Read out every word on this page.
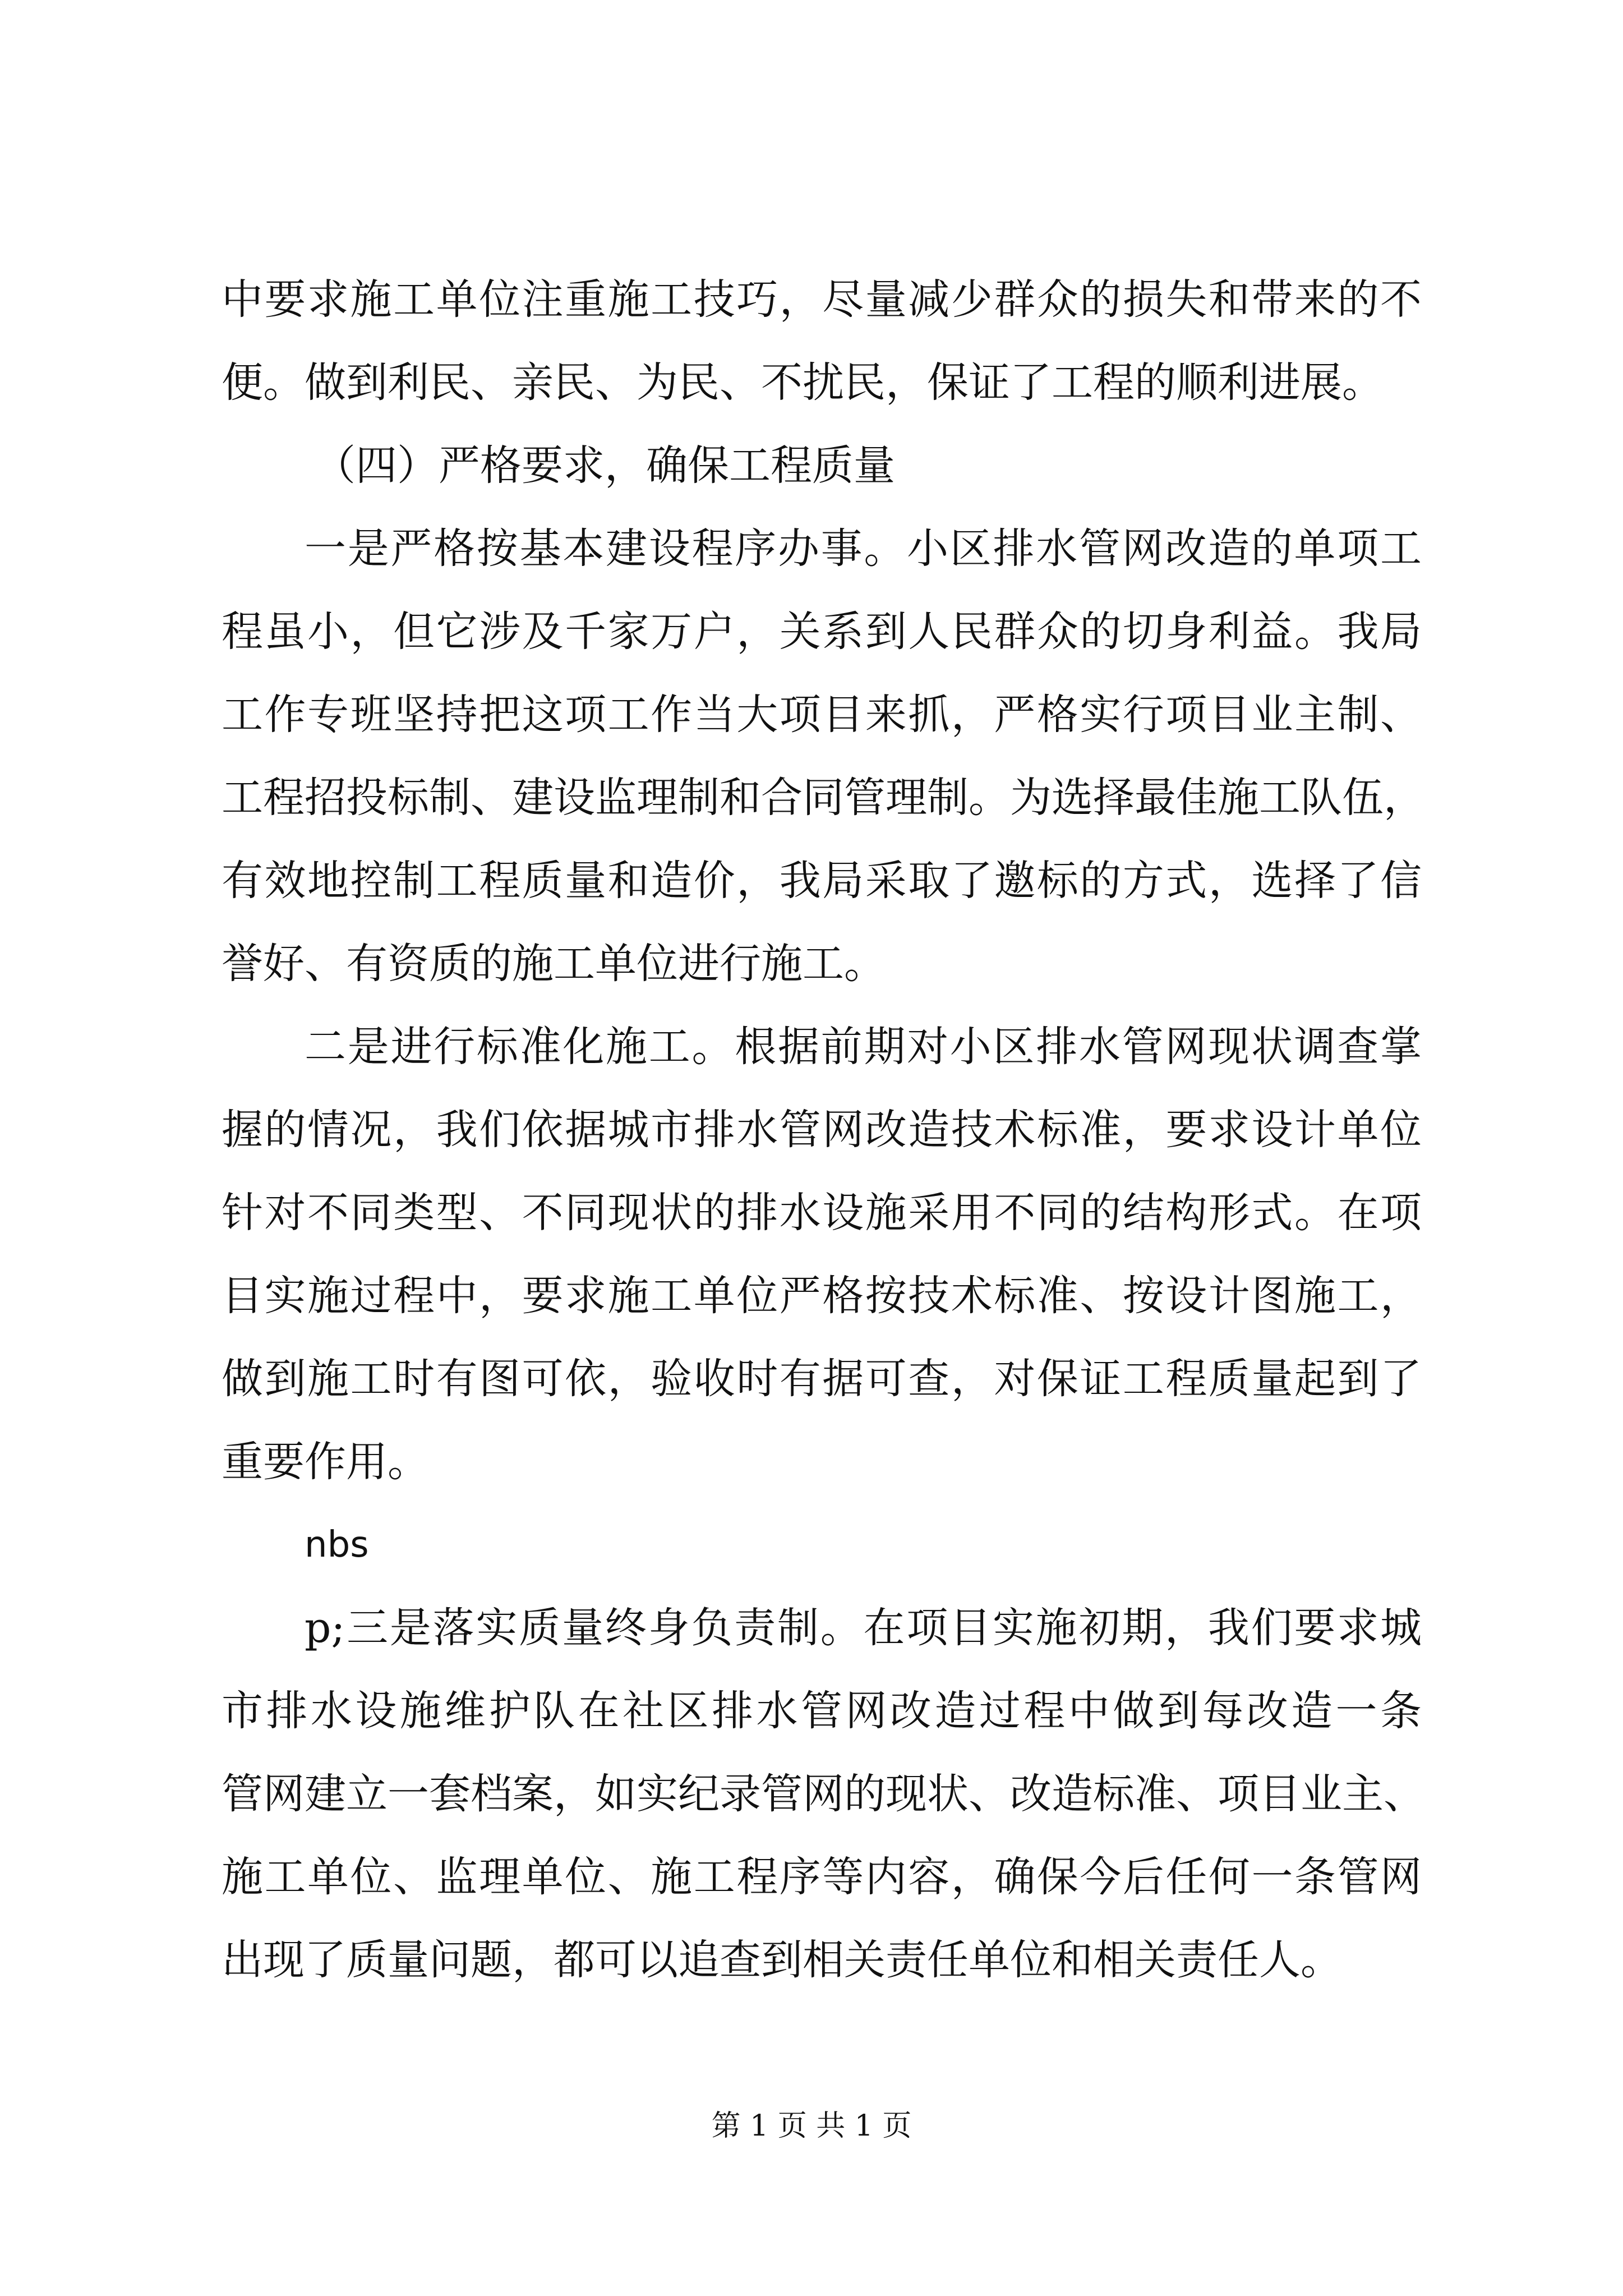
中要求施工单位注重施工技巧，尽量减少群众的损失和带来的不
便。做到利民、亲民、为民、不扰民，保证了工程的顺利进展。
（四）严格要求，确保工程质量
一是严格按基本建设程序办事。小区排水管网改造的单项工
程虽小，但它涉及千家万户，关系到人民群众的切身利益。我局
工作专班坚持把这项工作当大项目来抓，严格实行项目业主制、
工程招投标制、建设监理制和合同管理制。为选择最佳施工队伍，
有效地控制工程质量和造价，我局采取了邀标的方式，选择了信
誉好、有资质的施工单位进行施工。
二是进行标准化施工。根据前期对小区排水管网现状调查掌
握的情况，我们依据城市排水管网改造技术标准，要求设计单位
针对不同类型、不同现状的排水设施采用不同的结构形式。在项
目实施过程中，要求施工单位严格按技术标准、按设计图施工，
做到施工时有图可依，验收时有据可查，对保证工程质量起到了
重要作用。
nbs
p;三是落实质量终身负责制。在项目实施初期，我们要求城
市排水设施维护队在社区排水管网改造过程中做到每改造一条
管网建立一套档案，如实纪录管网的现状、改造标准、项目业主、
施工单位、监理单位、施工程序等内容，确保今后任何一条管网
出现了质量问题，都可以追查到相关责任单位和相关责任人。
第 1 页 共 1 页
